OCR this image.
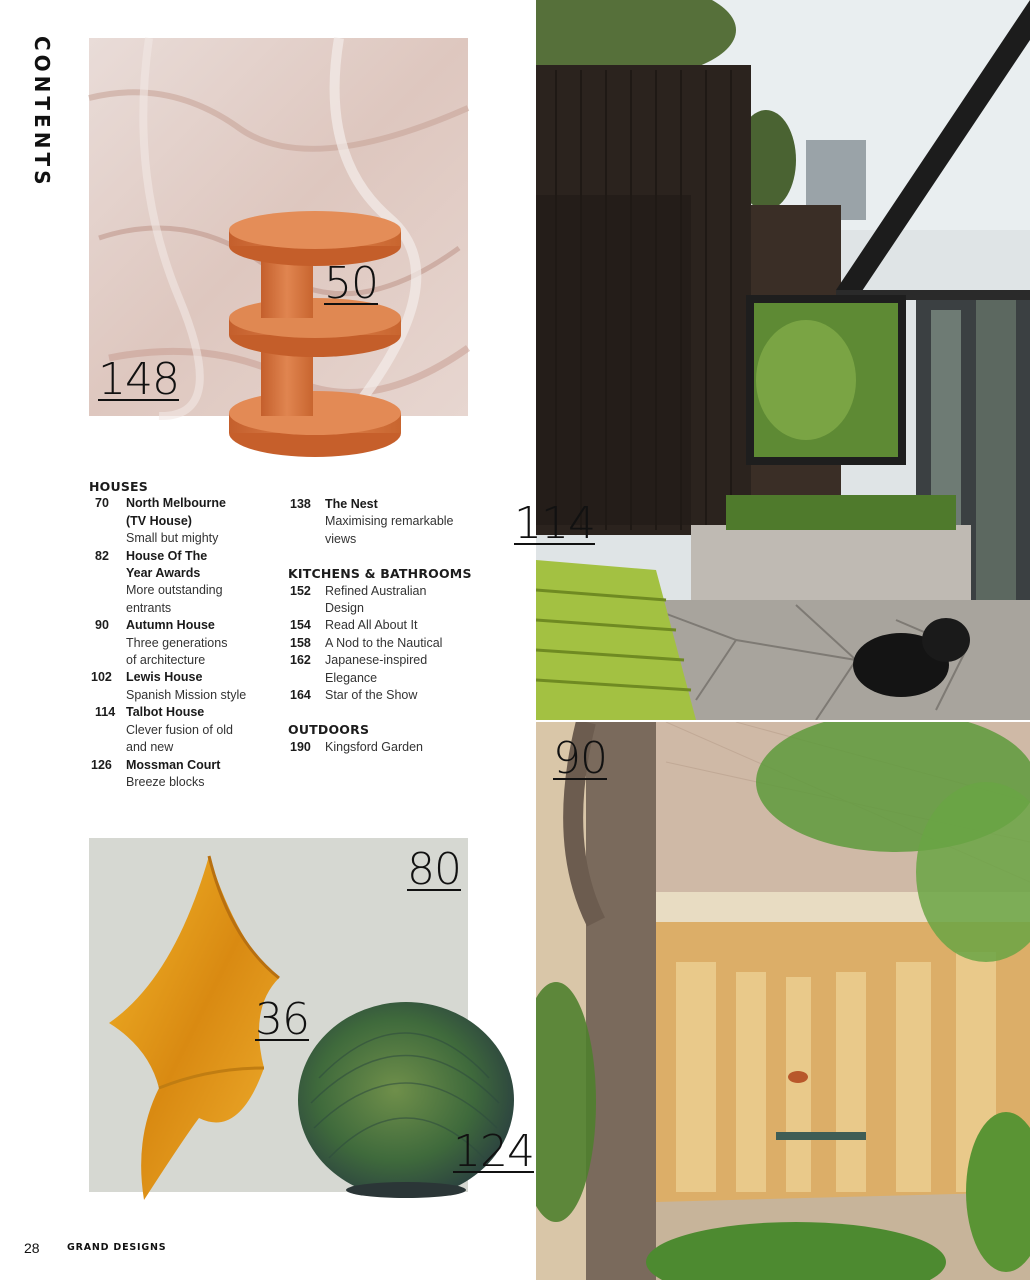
CONTENTS
50
148
114
90
80
36
124
HOUSES
70	North Melbourne
(TV House)
Small but mighty
82	House Of The
Year Awards
More outstanding
entrants
90	Autumn House
Three generations
of architecture
102	Lewis House
Spanish Mission style
114 Talbot House
Clever fusion of old
and new
126	Mossman Court
Breeze blocks
138	The Nest
Maximising remarkable
views
KITCHENS & BATHROOMS
152	Refined Australian
Design
154	Read All About It
158	A Nod to the Nautical
162	Japanese-inspired
Elegance
164	Star of the Show
OUTDOORS
190	Kingsford Garden
28	GRAND DESIGNS
